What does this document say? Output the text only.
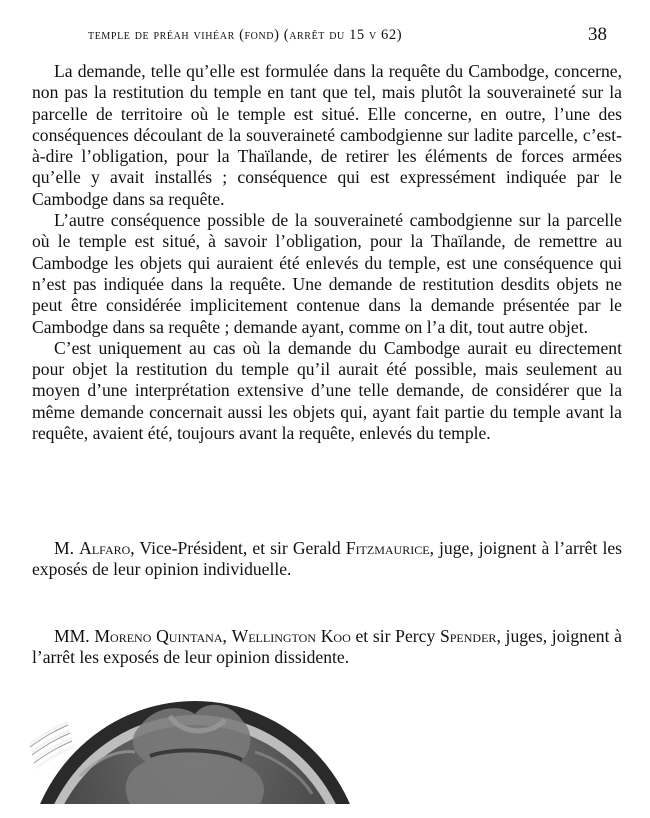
temple de préah vihéar (fond) (arrêt du 15 v 62)	38

La demande, telle qu’elle est formulée dans la requête du Cambodge, concerne, non pas la restitution du temple en tant que tel, mais plutôt la souveraineté sur la parcelle de territoire où le temple est situé. Elle concerne, en outre, l’une des conséquences découlant de la souveraineté cambodgienne sur ladite parcelle, c’est-à-dire l’obligation, pour la Thaïlande, de retirer les éléments de forces armées qu’elle y avait installés ; conséquence qui est expressément indiquée par le Cambodge dans sa requête.

L’autre conséquence possible de la souveraineté cambodgienne sur la parcelle où le temple est situé, à savoir l’obligation, pour la Thaïlande, de remettre au Cambodge les objets qui auraient été enlevés du temple, est une conséquence qui n’est pas indiquée dans la requête. Une demande de restitution desdits objets ne peut être considérée implicitement contenue dans la demande présentée par le Cambodge dans sa requête ; demande ayant, comme on l’a dit, tout autre objet.

C’est uniquement au cas où la demande du Cambodge aurait eu directement pour objet la restitution du temple qu’il aurait été possible, mais seulement au moyen d’une interprétation extensive d’une telle demande, de considérer que la même demande concernait aussi les objets qui, ayant fait partie du temple avant la requête, avaient été, toujours avant la requête, enlevés du temple.

M. Alfaro, Vice-Président, et sir Gerald Fitzmaurice, juge, joignent à l’arrêt les exposés de leur opinion individuelle.

MM. Moreno Quintana, Wellington Koo et sir Percy Spender, juges, joignent à l’arrêt les exposés de leur opinion dissidente.
